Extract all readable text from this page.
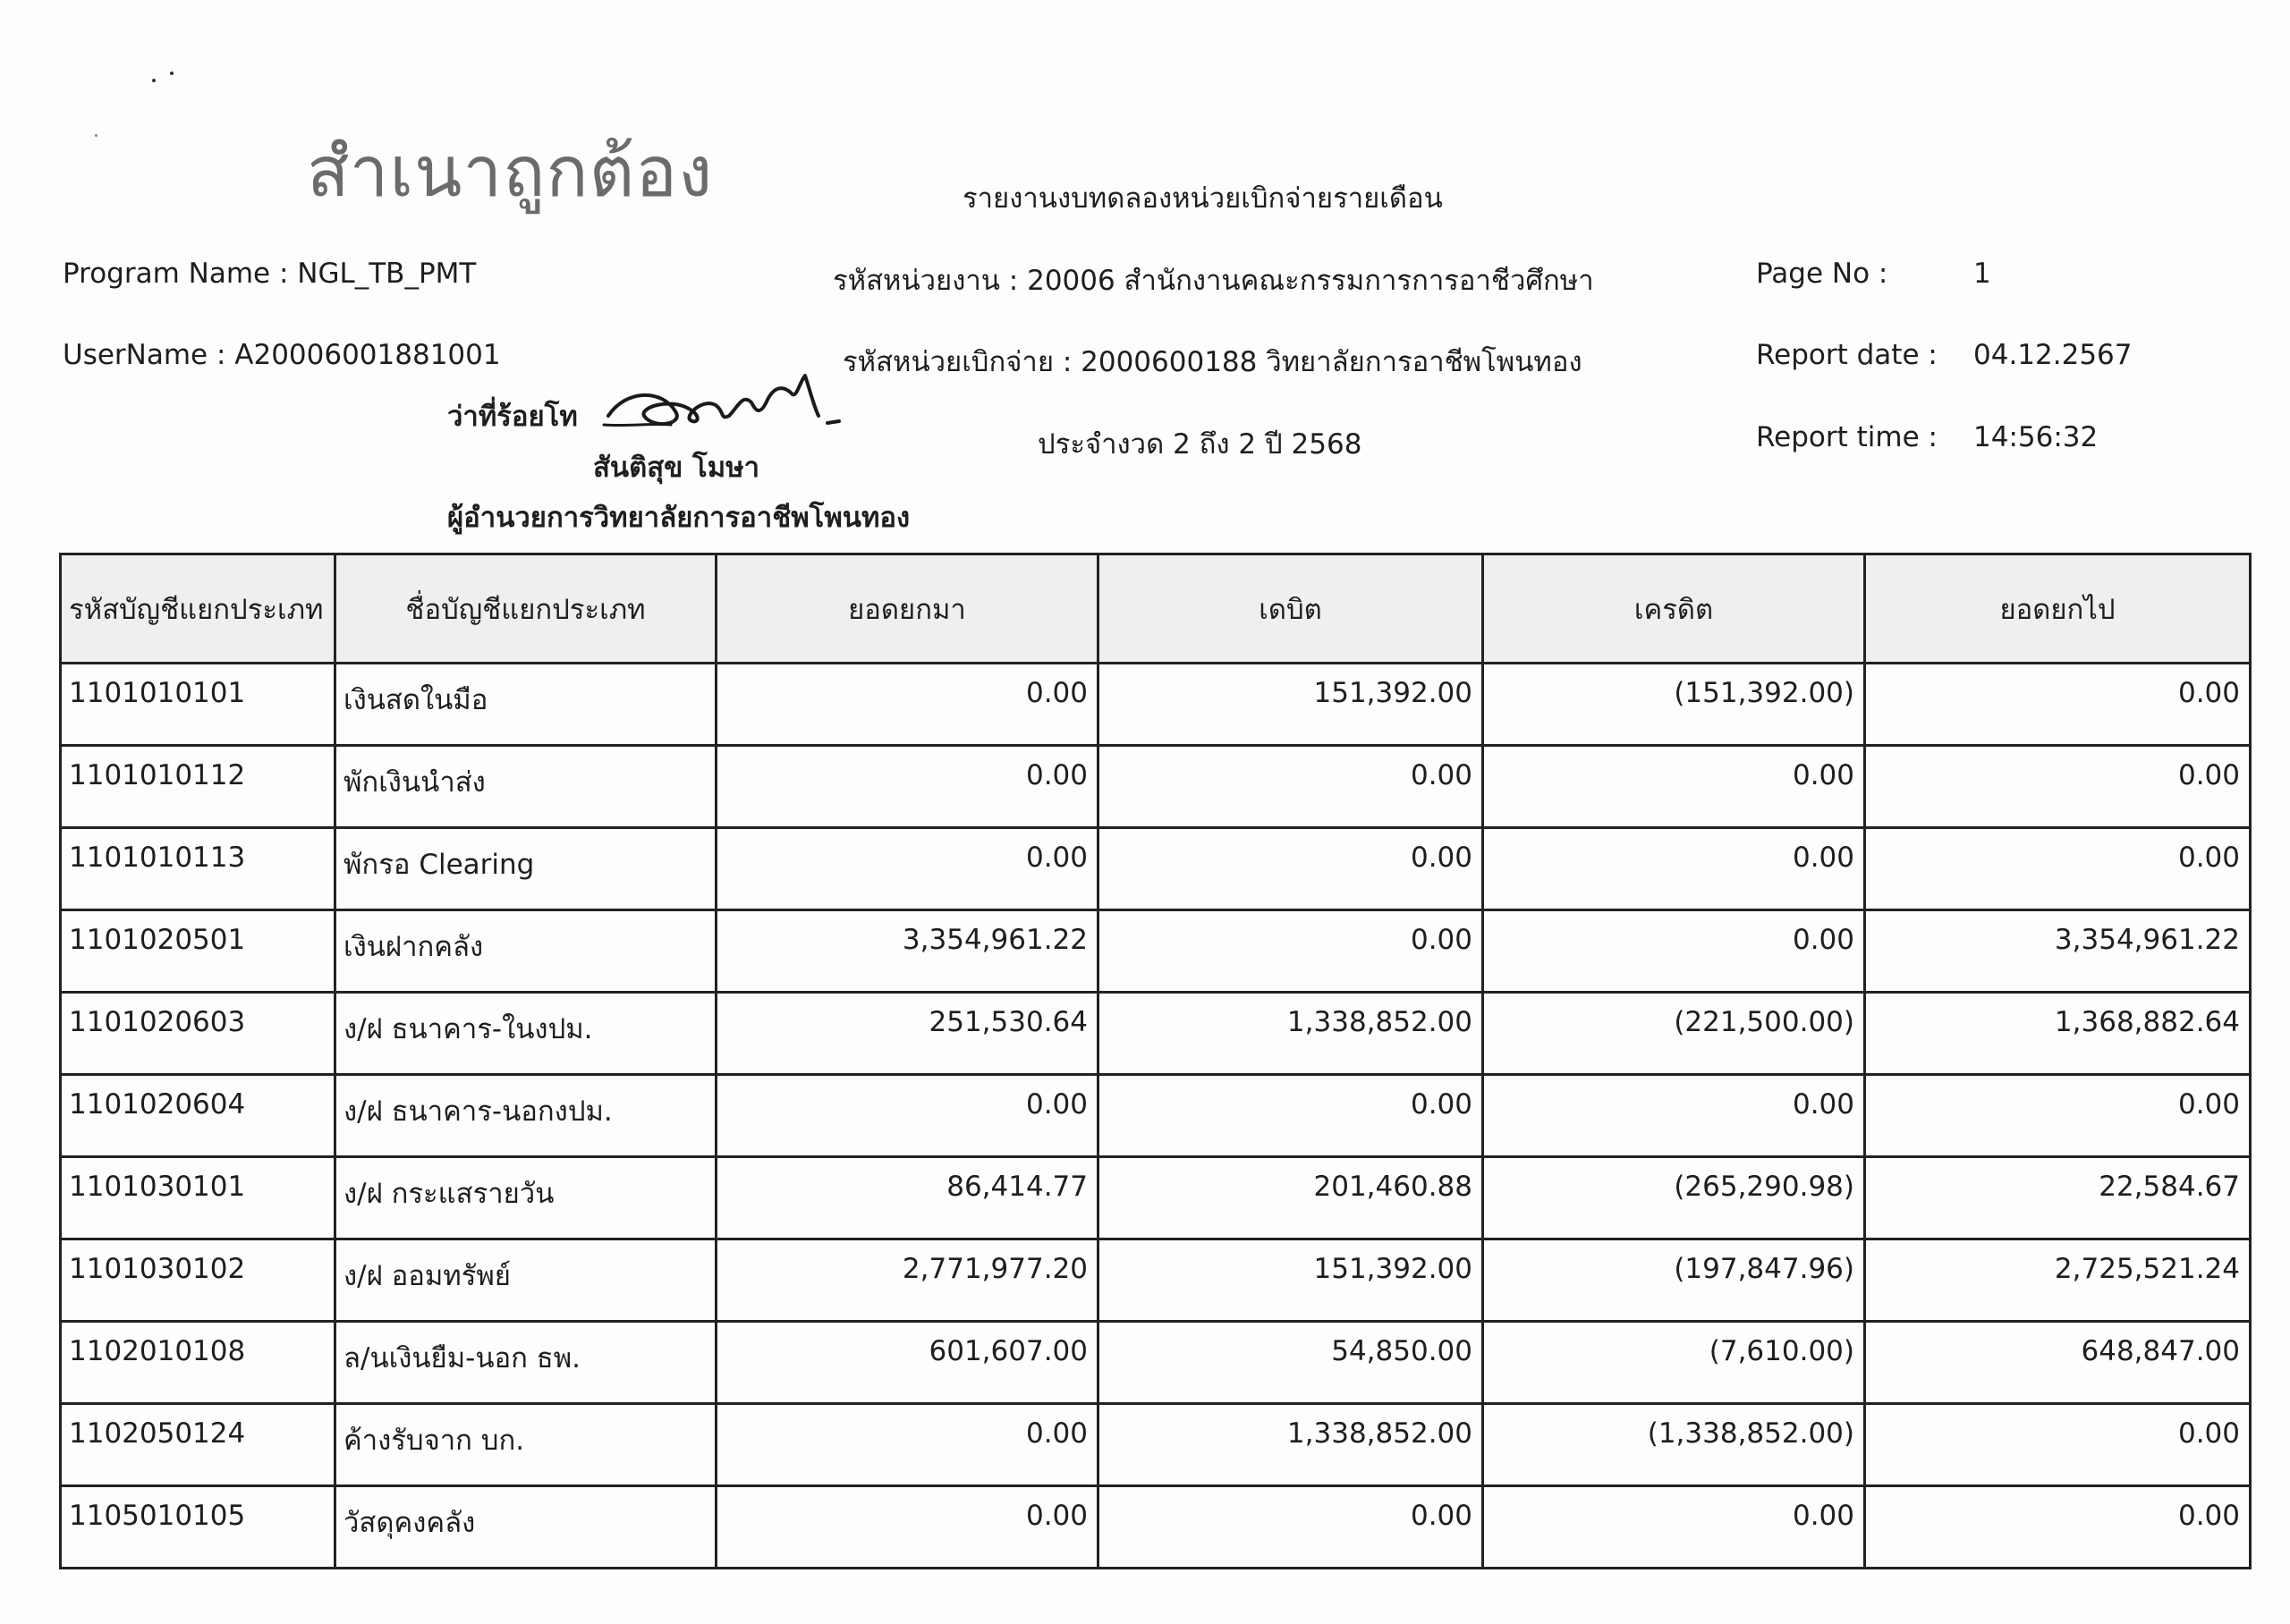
สำเนาถูกต้อง	รายงานงบทดลองหน่วยเบิกจ่ายรายเดือน
Program Name : NGL_TB_PMT
UserName : A20006001881001
รหัสหน่วยงาน : 20006 สำนักงานคณะกรรมการการอาชีวศึกษา
รหัสหน่วยเบิกจ่าย : 2000600188 วิทยาลัยการอาชีพโพนทอง
ประจำงวด 2 ถึง 2 ปี 2568
Page No :	1
Report date : 04.12.2567
Report time : 14:56:32
ว่าที่ร้อยโท
สันติสุข โมษา
ผู้อำนวยการวิทยาลัยการอาชีพโพนทอง
รหัสบัญชีแยกประเภท	ชื่อบัญชีแยกประเภท	ยอดยกมา	เดบิต	เครดิต	ยอดยกไป
1101010101	เงินสดในมือ	0.00	151,392.00	(151,392.00)	0.00
1101010112	พักเงินนำส่ง	0.00	0.00	0.00	0.00
1101010113	พักรอ Clearing	0.00	0.00	0.00	0.00
1101020501	เงินฝากคลัง	3,354,961.22	0.00	0.00	3,354,961.22
1101020603	ง/ฝ ธนาคาร-ในงปม.	251,530.64	1,338,852.00	(221,500.00)	1,368,882.64
1101020604	ง/ฝ ธนาคาร-นอกงปม.	0.00	0.00	0.00	0.00
1101030101	ง/ฝ กระแสรายวัน	86,414.77	201,460.88	(265,290.98)	22,584.67
1101030102	ง/ฝ ออมทรัพย์	2,771,977.20	151,392.00	(197,847.96)	2,725,521.24
1102010108	ล/นเงินยืม-นอก ธพ.	601,607.00	54,850.00	(7,610.00)	648,847.00
1102050124	ค้างรับจาก บก.	0.00	1,338,852.00	(1,338,852.00)	0.00
1105010105	วัสดุคงคลัง	0.00	0.00	0.00	0.00
